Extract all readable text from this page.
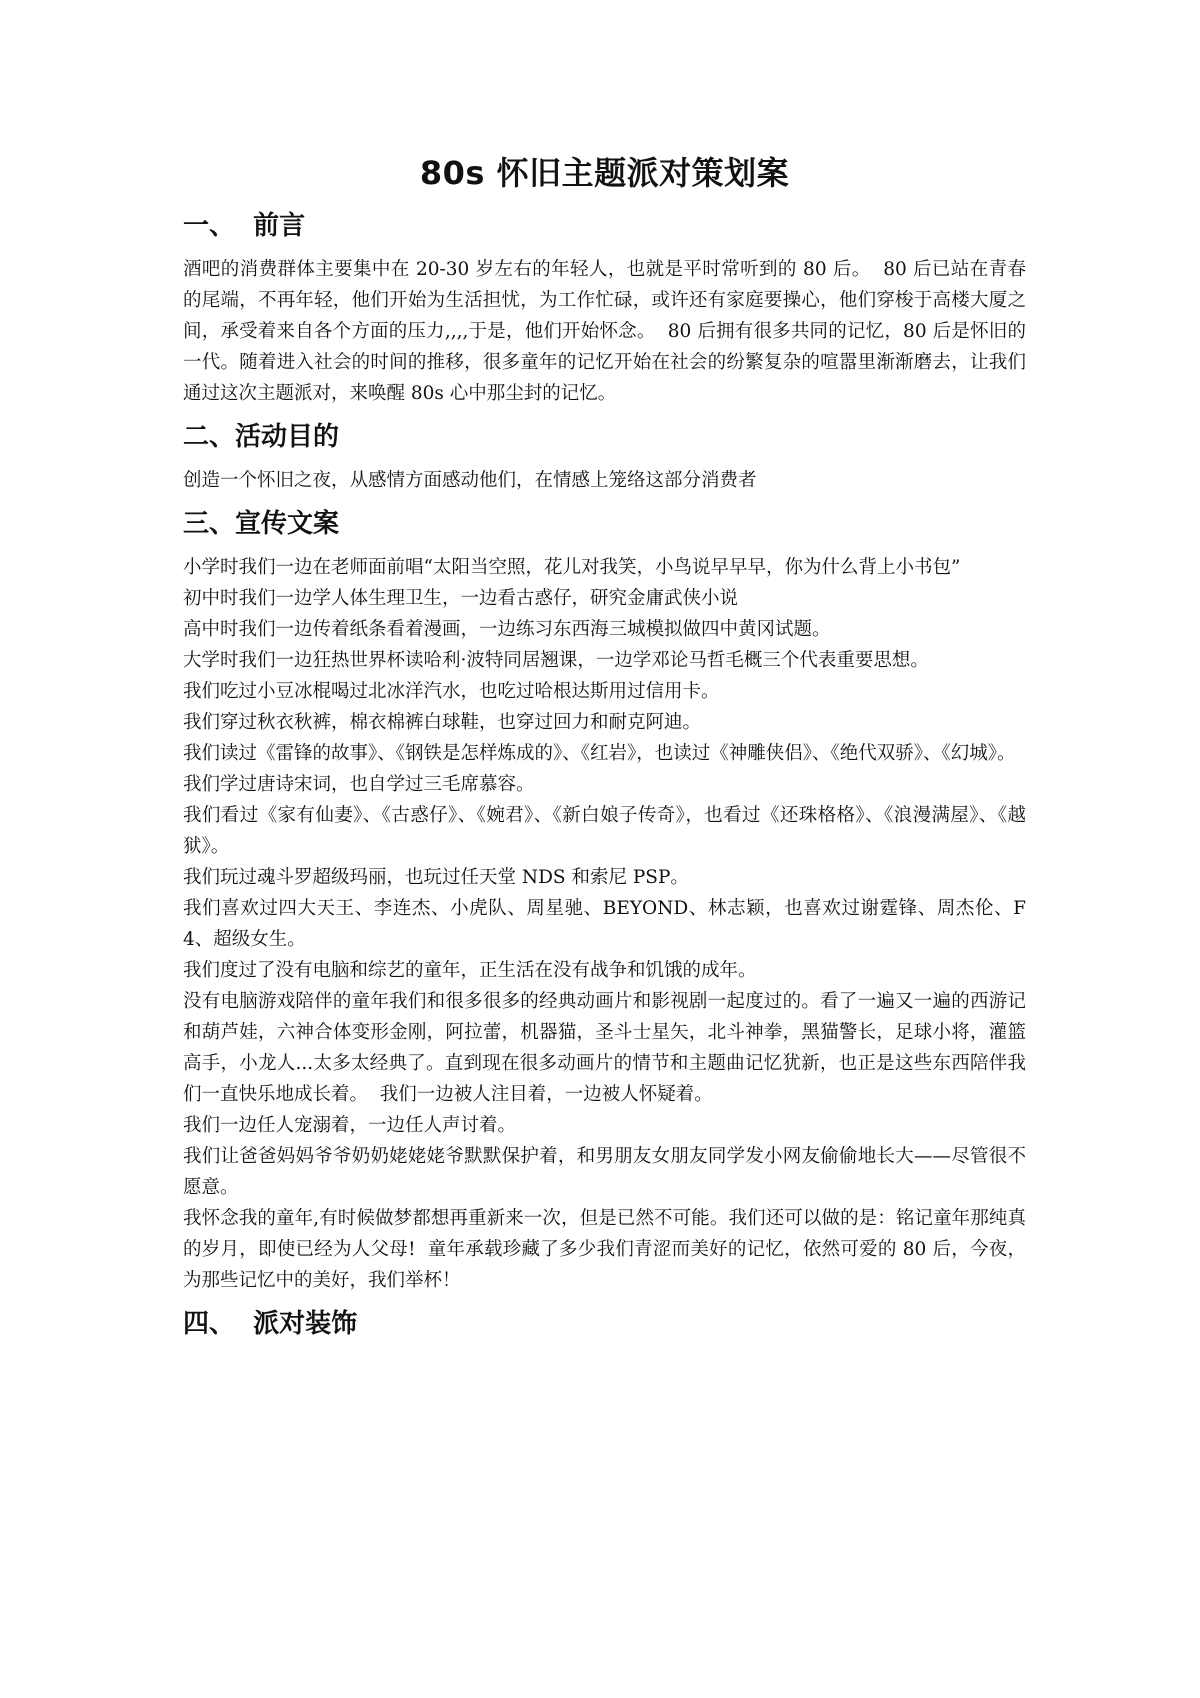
80s 怀旧主题派对策划案
一、  前言

酒吧的消费群体主要集中在 20-30 岁左右的年轻人，也就是平时常听到的 80 后。  80 后已站在青春的尾端，不再年轻，他们开始为生活担忧，为工作忙碌，或许还有家庭要操心，他们穿梭于高楼大厦之间，承受着来自各个方面的压力,,,,于是，他们开始怀念。  80 后拥有很多共同的记忆，80 后是怀旧的一代。随着进入社会的时间的推移，很多童年的记忆开始在社会的纷繁复杂的喧嚣里渐渐磨去，让我们通过这次主题派对，来唤醒 80s 心中那尘封的记忆。

二、活动目的

创造一个怀旧之夜，从感情方面感动他们，在情感上笼络这部分消费者

三、宣传文案

小学时我们一边在老师面前唱“太阳当空照，花儿对我笑，小鸟说早早早，你为什么背上小书包”

初中时我们一边学人体生理卫生，一边看古惑仔，研究金庸武侠小说

高中时我们一边传着纸条看着漫画，一边练习东西海三城模拟做四中黄冈试题。

大学时我们一边狂热世界杯读哈利·波特同居翘课，一边学邓论马哲毛概三个代表重要思想。

我们吃过小豆冰棍喝过北冰洋汽水，也吃过哈根达斯用过信用卡。

我们穿过秋衣秋裤，棉衣棉裤白球鞋，也穿过回力和耐克阿迪。

我们读过《雷锋的故事》、《钢铁是怎样炼成的》、《红岩》，也读过《神雕侠侣》、《绝代双骄》、《幻城》。

我们学过唐诗宋词，也自学过三毛席慕容。

我们看过《家有仙妻》、《古惑仔》、《婉君》、《新白娘子传奇》，也看过《还珠格格》、《浪漫满屋》、《越狱》。

我们玩过魂斗罗超级玛丽，也玩过任天堂 NDS 和索尼 PSP。

我们喜欢过四大天王、李连杰、小虎队、周星驰、BEYOND、林志颖，也喜欢过谢霆锋、周杰伦、F4、超级女生。

我们度过了没有电脑和综艺的童年，正生活在没有战争和饥饿的成年。

没有电脑游戏陪伴的童年我们和很多很多的经典动画片和影视剧一起度过的。看了一遍又一遍的西游记和葫芦娃，六神合体变形金刚，阿拉蕾，机器猫，圣斗士星矢，北斗神拳，黑猫警长，足球小将，灌篮高手，小龙人...太多太经典了。直到现在很多动画片的情节和主题曲记忆犹新，也正是这些东西陪伴我们一直快乐地成长着。  我们一边被人注目着，一边被人怀疑着。

我们一边任人宠溺着，一边任人声讨着。

我们让爸爸妈妈爷爷奶奶姥姥姥爷默默保护着，和男朋友女朋友同学发小网友偷偷地长大——尽管很不愿意。

我怀念我的童年,有时候做梦都想再重新来一次，但是已然不可能。我们还可以做的是：铭记童年那纯真的岁月，即使已经为人父母!  童年承载珍藏了多少我们青涩而美好的记忆，依然可爱的 80 后，今夜，为那些记忆中的美好，我们举杯！

四、  派对装饰
